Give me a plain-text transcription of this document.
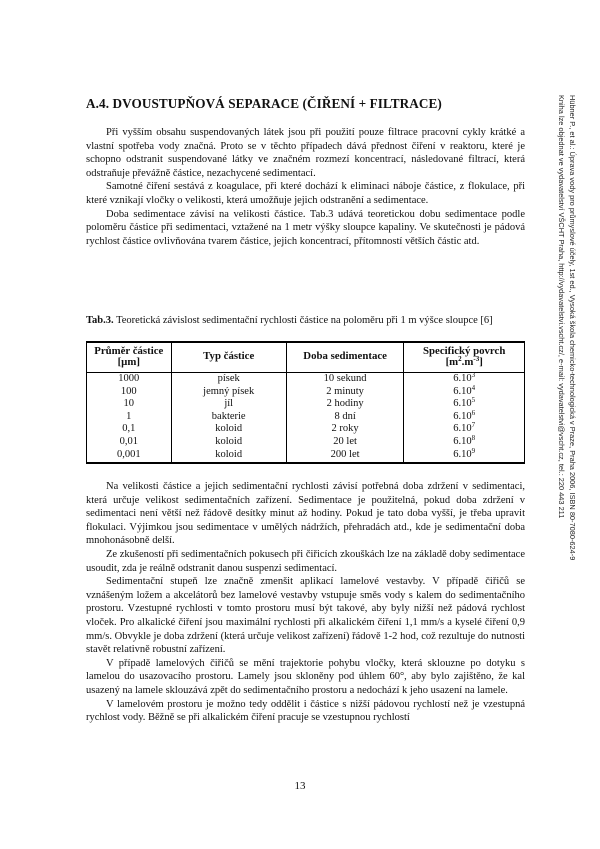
A.4. DVOUSTUPŇOVÁ SEPARACE (ČIŘENÍ + FILTRACE)

Při vyšším obsahu suspendovaných látek jsou při použití pouze filtrace pracovní cykly krátké a vlastní spotřeba vody značná. Proto se v těchto případech dává přednost čiření v reaktoru, které je schopno odstranit suspendované látky ve značném rozmezí koncentrací, následované filtrací, která odstraňuje převážně částice, nezachycené sedimentací.

Samotné čiření sestává z koagulace, při které dochází k eliminaci náboje částice, z flokulace, při které vznikají vločky o velikosti, která umožňuje jejich odstranění a sedimentace.

Doba sedimentace závisí na velikosti částice. Tab.3 udává teoretickou dobu sedimentace podle poloměru částice při sedimentaci, vztažené na 1 metr výšky sloupce kapaliny. Ve skutečnosti je pádová rychlost částice ovlivňována tvarem částice, jejich koncentrací, přítomností větších částic atd.

Tab.3. Teoretická závislost sedimentační rychlosti částice na poloměru při 1 m výšce sloupce [6]
Průměr částice
[µm]	Typ částice	Doba sedimentace	Specifický povrch
$[m^2.m^{-3}]$
1000	písek	10 sekund	6.10$^3$
100	jemný písek	2 minuty	6.10$^4$
10	jíl	2 hodiny	6.10$^5$
1	bakterie	8 dní	6.10$^6$
0,1	koloid	2 roky	6.10$^7$
0,01	koloid	20 let	6.10$^8$
0,001	koloid	200 let	6.10$^9$

Na velikosti částice a jejich sedimentační rychlosti závisí potřebná doba zdržení v sedimentaci, která určuje velikost sedimentačních zařízení. Sedimentace je použitelná, pokud doba zdržení v sedimentaci není větší než řádově desítky minut až hodiny. Pokud je tato doba vyšší, je třeba upravit flokulaci. Výjimkou jsou sedimentace v umělých nádržích, přehradách atd., kde je sedimentační doba mnohonásobně delší.

Ze zkušeností při sedimentačních pokusech při čiřicích zkouškách lze na základě doby sedimentace usoudit, zda je reálně odstranit danou suspenzi sedimentací.

Sedimentační stupeň lze značně zmenšit aplikací lamelové vestavby. V případě čiřičů se vznášeným ložem a akcelátorů bez lamelové vestavby vstupuje směs vody s kalem do sedimentačního prostoru. Vzestupné rychlosti v tomto prostoru musí být takové, aby byly nižší než pádová rychlost vloček. Pro alkalické čiření jsou maximální rychlosti při alkalickém čiření 1,1 mm/s a kyselé čiření 0,9 mm/s. Obvykle je doba zdržení (která určuje velikost zařízení) řádově 1-2 hod, což rezultuje do nutnosti stavět relativně robustní zařízení.

V případě lamelových čiřičů se mění trajektorie pohybu vločky, která sklouzne po dotyku s lamelou do usazovacího prostoru. Lamely jsou skloněny pod úhlem 60°, aby bylo zajištěno, že kal usazený na lamele sklouzává zpět do sedimentačního prostoru a nedochází k jeho usazení na lamele.

V lamelovém prostoru je možno tedy oddělit i částice s nižší pádovou rychlostí než je vzestupná rychlost vody. Běžně se při alkalickém čiření pracuje se vzestupnou rychlostí

13
Hübner P., et al.: Úprava vody pro průmyslové účely, 1st ed., Vysoká škola chemicko-technologická v Praze, Praha 2006, ISBN 80-7080-624-9
Kniha lze objednat ve vydavatelství VŠCHT Praha, http://vydavatelstvi.vscht.cz/, e-mail: vydavatelstvi@vscht.cz, tel.: 220 443 211
